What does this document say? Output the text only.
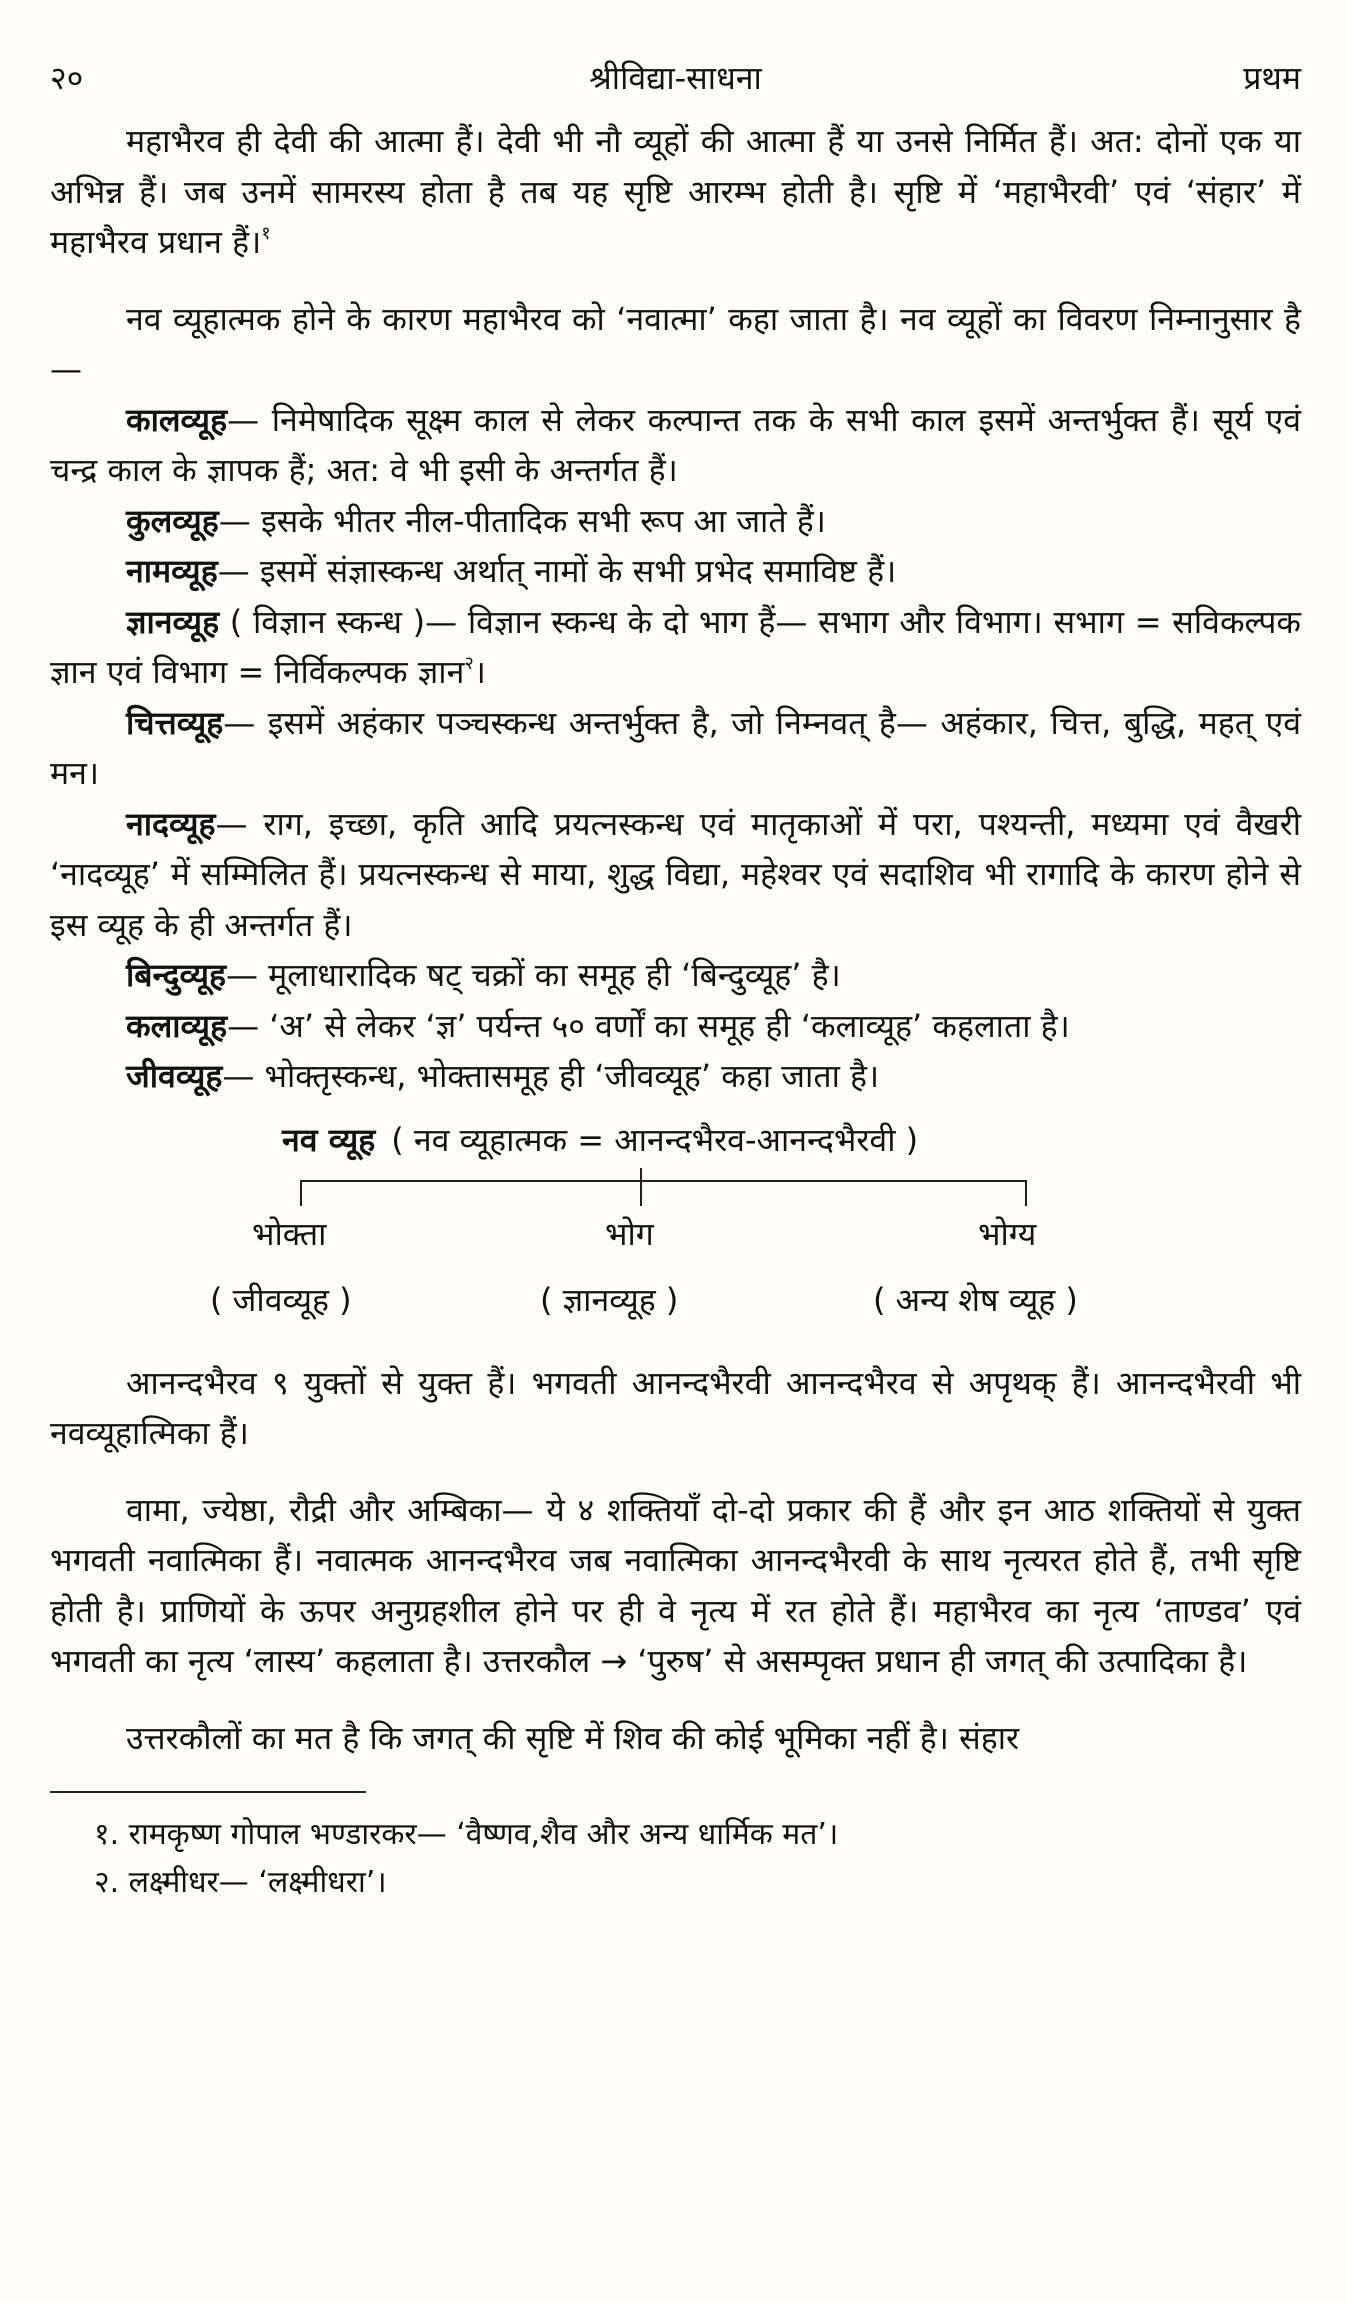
२०	श्रीविद्या-साधना	प्रथम

महाभैरव ही देवी की आत्मा हैं। देवी भी नौ व्यूहों की आत्मा हैं या उनसे निर्मित हैं। अत: दोनों एक या अभिन्न हैं। जब उनमें सामरस्य होता है तब यह सृष्टि आरम्भ होती है। सृष्टि में ‘महाभैरवी’ एवं ‘संहार’ में महाभैरव प्रधान हैं।$^१$

नव व्यूहात्मक होने के कारण महाभैरव को ‘नवात्मा’ कहा जाता है। नव व्यूहों का विवरण निम्नानुसार है—

कालव्यूह— निमेषादिक सूक्ष्म काल से लेकर कल्पान्त तक के सभी काल इसमें अन्तर्भुक्त हैं। सूर्य एवं चन्द्र काल के ज्ञापक हैं; अत: वे भी इसी के अन्तर्गत हैं।

कुलव्यूह— इसके भीतर नील-पीतादिक सभी रूप आ जाते हैं।

नामव्यूह— इसमें संज्ञास्कन्ध अर्थात् नामों के सभी प्रभेद समाविष्ट हैं।

ज्ञानव्यूह ( विज्ञान स्कन्ध )— विज्ञान स्कन्ध के दो भाग हैं— सभाग और विभाग। सभाग = सविकल्पक ज्ञान एवं विभाग = निर्विकल्पक ज्ञान$^२$।

चित्तव्यूह— इसमें अहंकार पञ्चस्कन्ध अन्तर्भुक्त है, जो निम्नवत् है— अहंकार, चित्त, बुद्धि, महत् एवं मन।

नादव्यूह— राग, इच्छा, कृति आदि प्रयत्नस्कन्ध एवं मातृकाओं में परा, पश्यन्ती, मध्यमा एवं वैखरी ‘नादव्यूह’ में सम्मिलित हैं। प्रयत्नस्कन्ध से माया, शुद्ध विद्या, महेश्वर एवं सदाशिव भी रागादि के कारण होने से इस व्यूह के ही अन्तर्गत हैं।

बिन्दुव्यूह— मूलाधारादिक षट् चक्रों का समूह ही ‘बिन्दुव्यूह’ है।

कलाव्यूह— ‘अ’ से लेकर ‘ज्ञ’ पर्यन्त ५० वर्णों का समूह ही ‘कलाव्यूह’ कहलाता है।

जीवव्यूह— भोक्तृस्कन्ध, भोक्तासमूह ही ‘जीवव्यूह’ कहा जाता है।

नव व्यूह ( नव व्यूहात्मक = आनन्दभैरव-आनन्दभैरवी )
भोक्ता	भोग	भोग्य
( जीवव्यूह )	( ज्ञानव्यूह )	( अन्य शेष व्यूह )

आनन्दभैरव ९ युक्तों से युक्त हैं। भगवती आनन्दभैरवी आनन्दभैरव से अपृथक् हैं। आनन्दभैरवी भी नवव्यूहात्मिका हैं।

वामा, ज्येष्ठा, रौद्री और अम्बिका— ये ४ शक्तियाँ दो-दो प्रकार की हैं और इन आठ शक्तियों से युक्त भगवती नवात्मिका हैं। नवात्मक आनन्दभैरव जब नवात्मिका आनन्दभैरवी के साथ नृत्यरत होते हैं, तभी सृष्टि होती है। प्राणियों के ऊपर अनुग्रहशील होने पर ही वे नृत्य में रत होते हैं। महाभैरव का नृत्य ‘ताण्डव’ एवं भगवती का नृत्य ‘लास्य’ कहलाता है। उत्तरकौल → ‘पुरुष’ से असम्पृक्त प्रधान ही जगत् की उत्पादिका है।

उत्तरकौलों का मत है कि जगत् की सृष्टि में शिव की कोई भूमिका नहीं है। संहार

१. रामकृष्ण गोपाल भण्डारकर— ‘वैष्णव,शैव और अन्य धार्मिक मत’।

२. लक्ष्मीधर— ‘लक्ष्मीधरा’।
